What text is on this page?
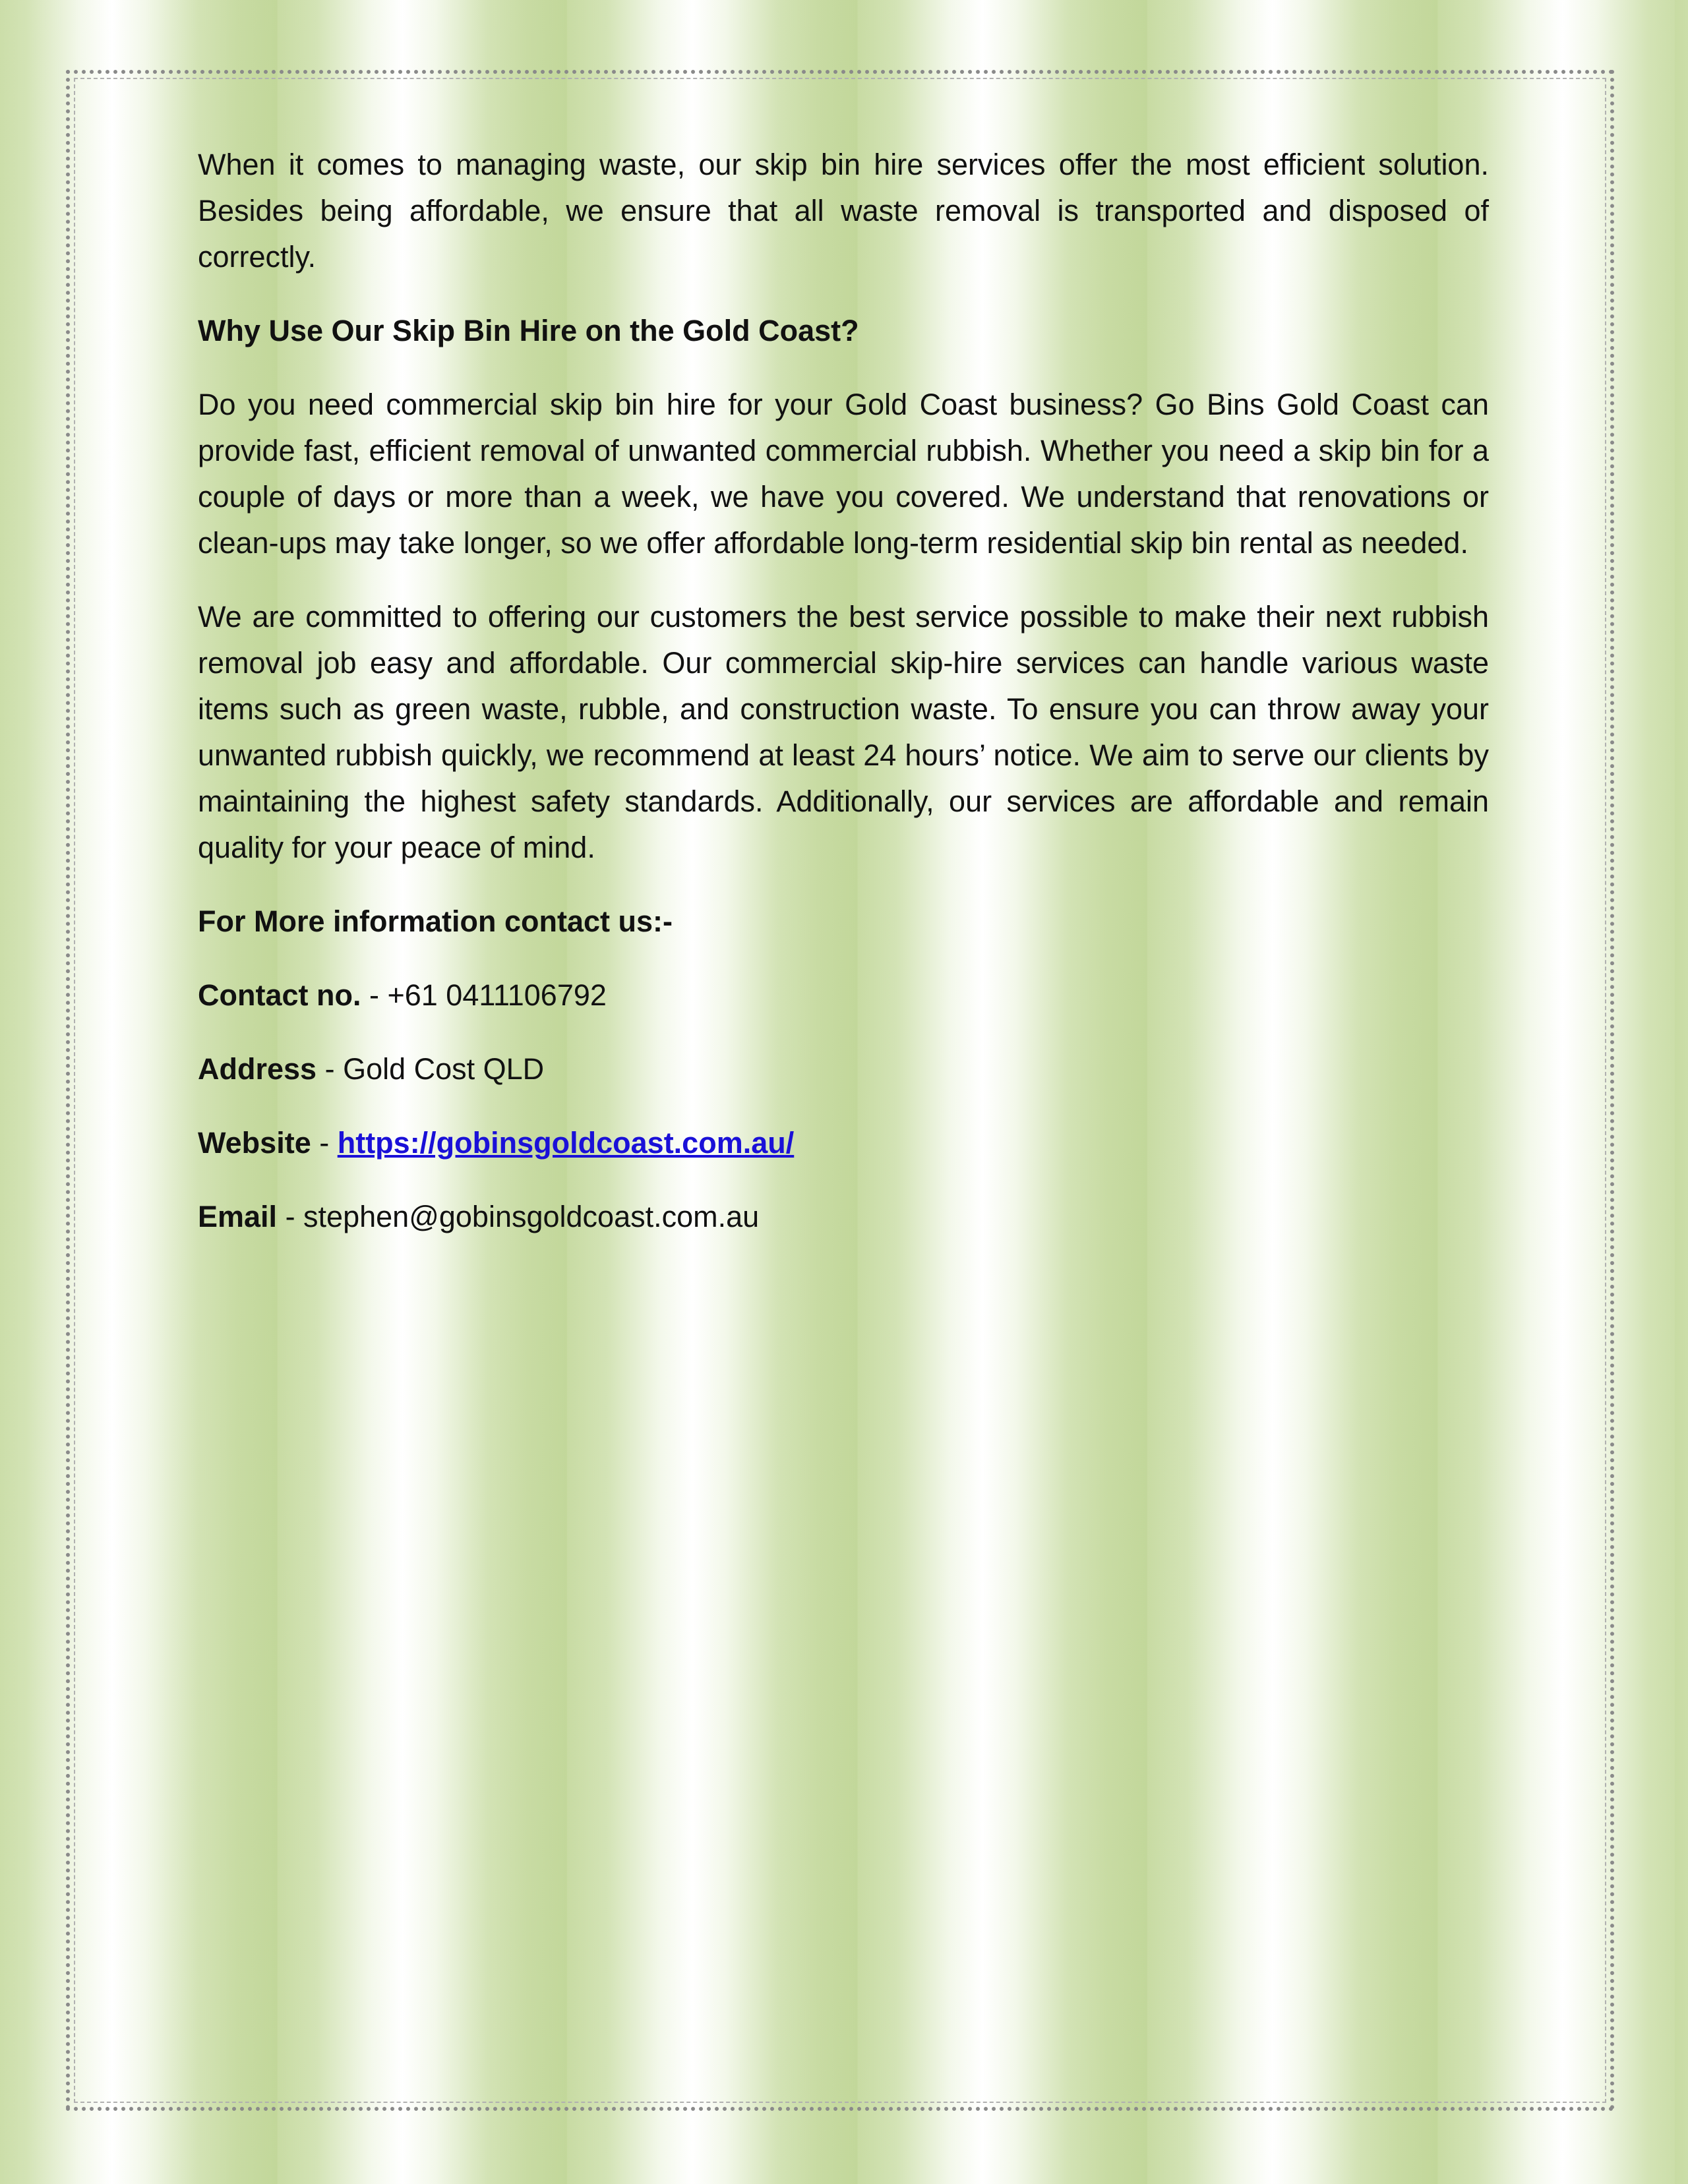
When it comes to managing waste, our skip bin hire services offer the most efficient solution. Besides being affordable, we ensure that all waste removal is transported and disposed of correctly.

Why Use Our Skip Bin Hire on the Gold Coast?

Do you need commercial skip bin hire for your Gold Coast business? Go Bins Gold Coast can provide fast, efficient removal of unwanted commercial rubbish. Whether you need a skip bin for a couple of days or more than a week, we have you covered. We understand that renovations or clean-ups may take longer, so we offer affordable long-term residential skip bin rental as needed.

We are committed to offering our customers the best service possible to make their next rubbish removal job easy and affordable. Our commercial skip-hire services can handle various waste items such as green waste, rubble, and construction waste. To ensure you can throw away your unwanted rubbish quickly, we recommend at least 24 hours’ notice. We aim to serve our clients by maintaining the highest safety standards. Additionally, our services are affordable and remain quality for your peace of mind.

For More information contact us:-

Contact no. - +61 0411106792

Address - Gold Cost QLD

Website - https://gobinsgoldcoast.com.au/

Email - stephen@gobinsgoldcoast.com.au
